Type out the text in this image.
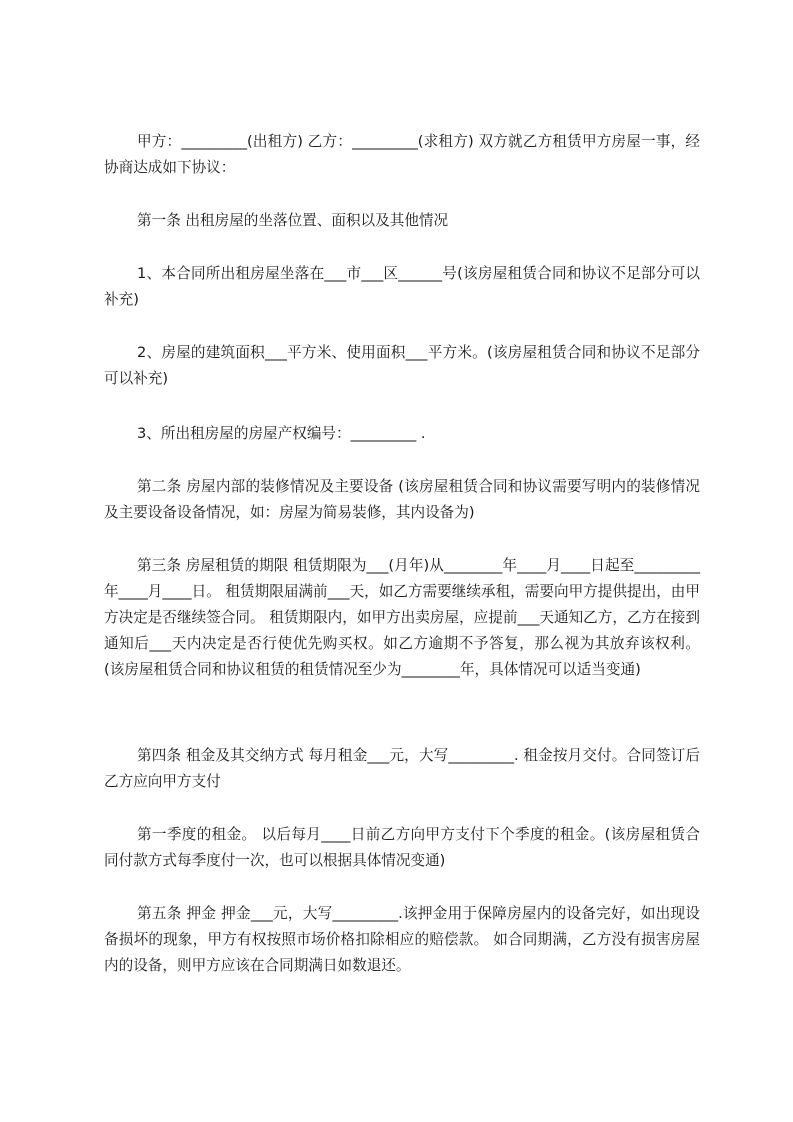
甲方：_________(出租方) 乙方：_________(求租方) 双方就乙方租赁甲方房屋一事，经协商达成如下协议：

第一条 出租房屋的坐落位置、面积以及其他情况

1、本合同所出租房屋坐落在___市___区______号(该房屋租赁合同和协议不足部分可以补充)

2、房屋的建筑面积___平方米、使用面积___平方米。(该房屋租赁合同和协议不足部分可以补充)

3、所出租房屋的房屋产权编号：_________ .

第二条 房屋内部的装修情况及主要设备 (该房屋租赁合同和协议需要写明内的装修情况及主要设备设备情况，如：房屋为简易装修，其内设备为)

第三条 房屋租赁的期限 租赁期限为___(月年)从________年____月____日起至_________年____月____日。 租赁期限届满前___天，如乙方需要继续承租，需要向甲方提供提出，由甲方决定是否继续签合同。 租赁期限内，如甲方出卖房屋，应提前___天通知乙方，乙方在接到通知后___天内决定是否行使优先购买权。如乙方逾期不予答复，那么视为其放弃该权利。 (该房屋租赁合同和协议租赁的租赁情况至少为________年，具体情况可以适当变通)

第四条 租金及其交纳方式 每月租金___元，大写_________. 租金按月交付。合同签订后乙方应向甲方支付

第一季度的租金。 以后每月____日前乙方向甲方支付下个季度的租金。(该房屋租赁合同付款方式每季度付一次，也可以根据具体情况变通)

第五条 押金 押金___元，大写_________.该押金用于保障房屋内的设备完好，如出现设备损坏的现象，甲方有权按照市场价格扣除相应的赔偿款。 如合同期满，乙方没有损害房屋内的设备，则甲方应该在合同期满日如数退还。
